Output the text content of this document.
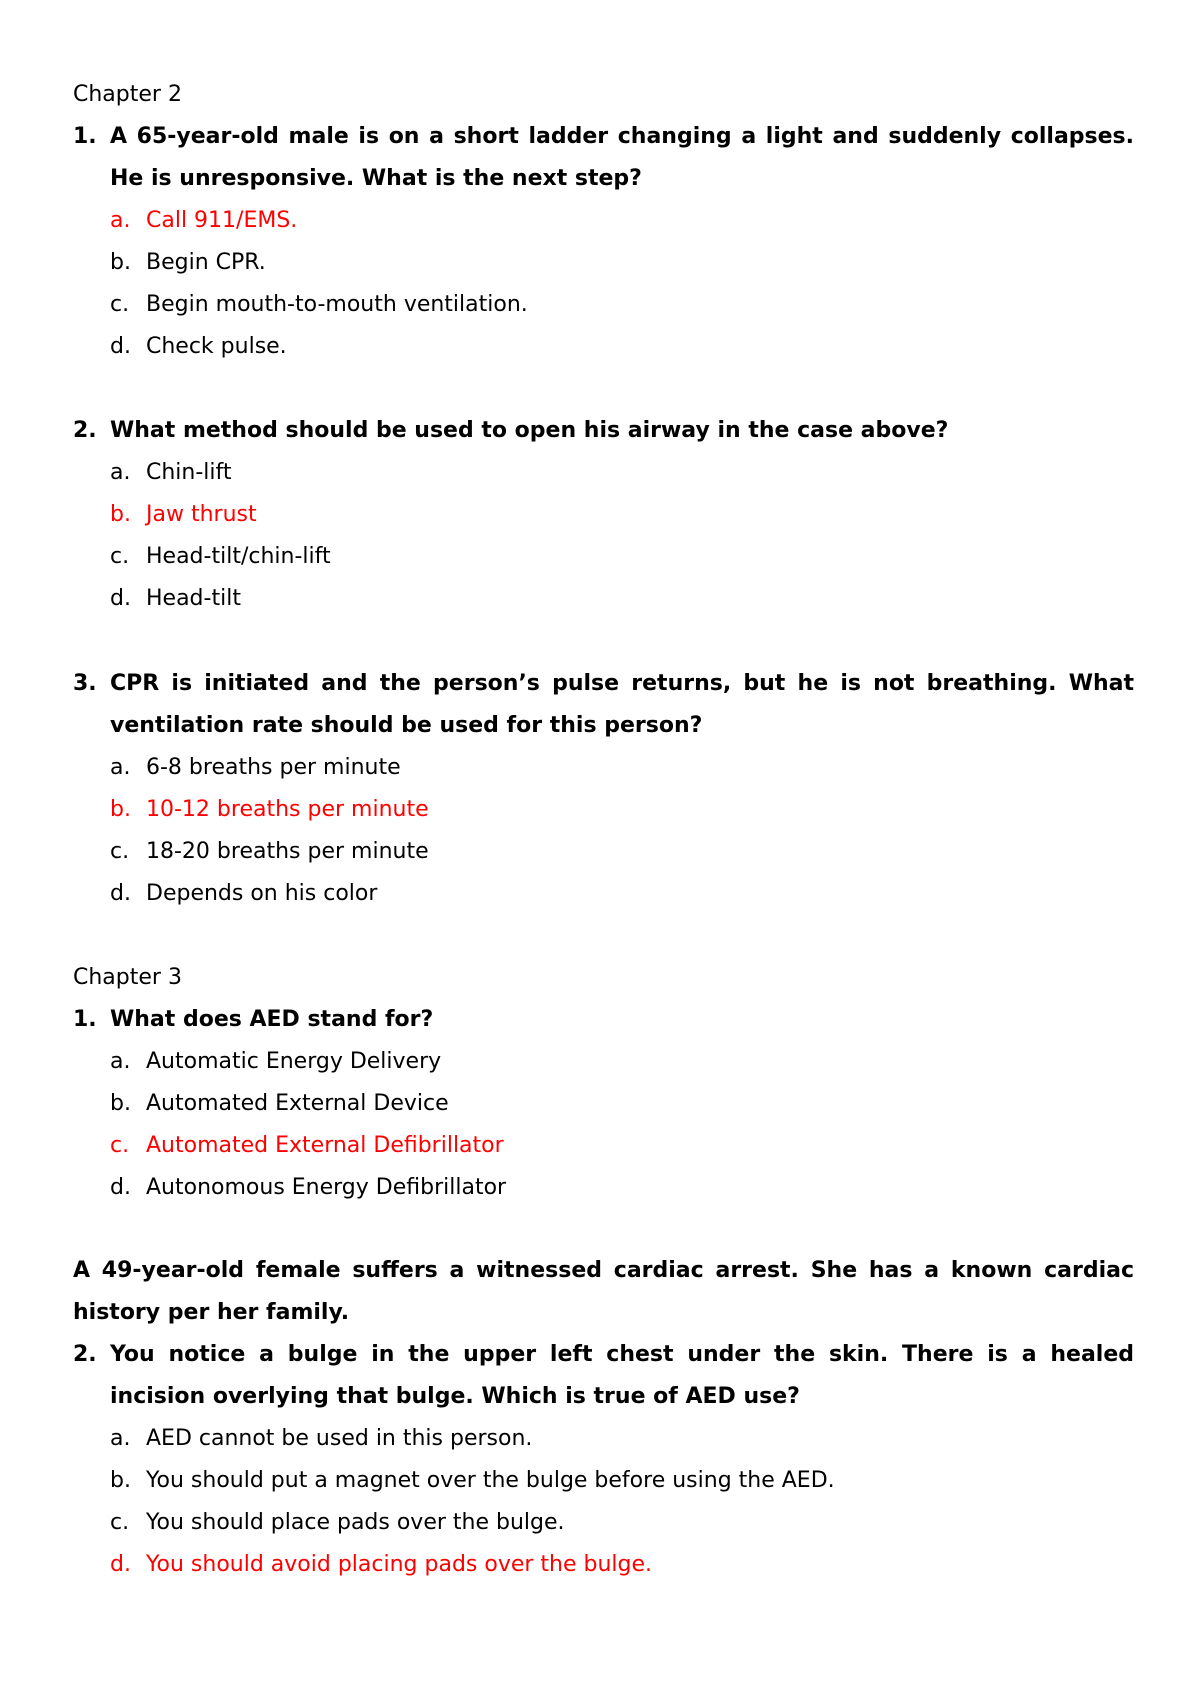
Chapter 2
1. A 65-year-old male is on a short ladder changing a light and suddenly collapses. He is unresponsive. What is the next step?
a. Call 911/EMS.
b. Begin CPR.
c. Begin mouth-to-mouth ventilation.
d. Check pulse.
2. What method should be used to open his airway in the case above?
a. Chin-lift
b. Jaw thrust
c. Head-tilt/chin-lift
d. Head-tilt
3. CPR is initiated and the person’s pulse returns, but he is not breathing. What ventilation rate should be used for this person?
a. 6-8 breaths per minute
b. 10-12 breaths per minute
c. 18-20 breaths per minute
d. Depends on his color
Chapter 3
1. What does AED stand for?
a. Automatic Energy Delivery
b. Automated External Device
c. Automated External Defibrillator
d. Autonomous Energy Defibrillator
A 49-year-old female suffers a witnessed cardiac arrest. She has a known cardiac history per her family.
2. You notice a bulge in the upper left chest under the skin. There is a healed incision overlying that bulge. Which is true of AED use?
a. AED cannot be used in this person.
b. You should put a magnet over the bulge before using the AED.
c. You should place pads over the bulge.
d. You should avoid placing pads over the bulge.
